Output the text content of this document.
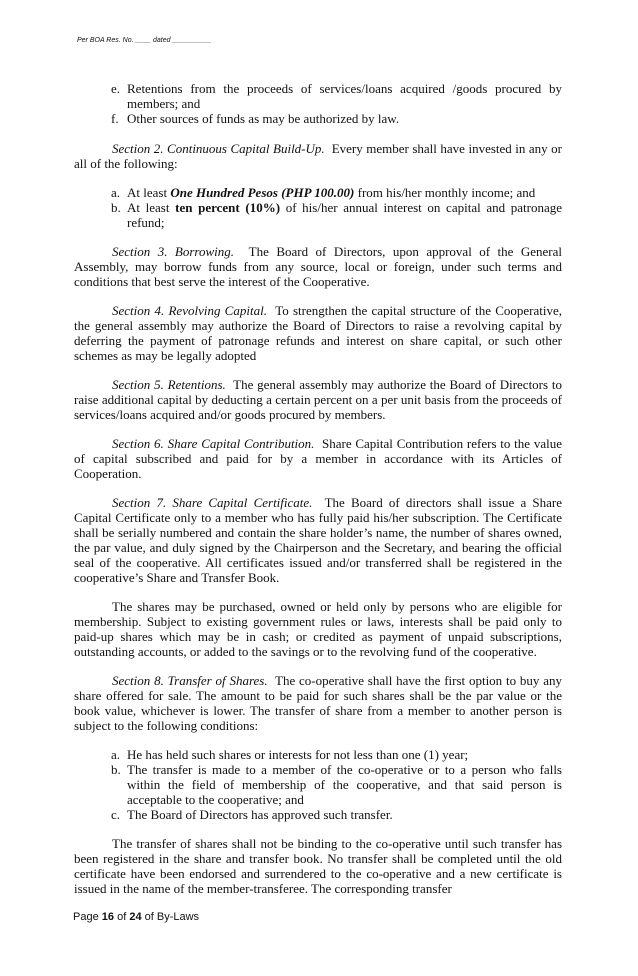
Per BOA Res. No. ____ dated __________
e. Retentions from the proceeds of services/loans acquired /goods procured by members; and
f. Other sources of funds as may be authorized by law.

Section 2. Continuous Capital Build-Up. Every member shall have invested in any or all of the following:

a. At least One Hundred Pesos (PHP 100.00) from his/her monthly income; and
b. At least ten percent (10%) of his/her annual interest on capital and patronage refund;

Section 3. Borrowing. The Board of Directors, upon approval of the General Assembly, may borrow funds from any source, local or foreign, under such terms and conditions that best serve the interest of the Cooperative.

Section 4. Revolving Capital. To strengthen the capital structure of the Cooperative, the general assembly may authorize the Board of Directors to raise a revolving capital by deferring the payment of patronage refunds and interest on share capital, or such other schemes as may be legally adopted

Section 5. Retentions. The general assembly may authorize the Board of Directors to raise additional capital by deducting a certain percent on a per unit basis from the proceeds of services/loans acquired and/or goods procured by members.

Section 6. Share Capital Contribution. Share Capital Contribution refers to the value of capital subscribed and paid for by a member in accordance with its Articles of Cooperation.

Section 7. Share Capital Certificate. The Board of directors shall issue a Share Capital Certificate only to a member who has fully paid his/her subscription. The Certificate shall be serially numbered and contain the share holder’s name, the number of shares owned, the par value, and duly signed by the Chairperson and the Secretary, and bearing the official seal of the cooperative. All certificates issued and/or transferred shall be registered in the cooperative’s Share and Transfer Book.

The shares may be purchased, owned or held only by persons who are eligible for membership. Subject to existing government rules or laws, interests shall be paid only to paid-up shares which may be in cash; or credited as payment of unpaid subscriptions, outstanding accounts, or added to the savings or to the revolving fund of the cooperative.

Section 8. Transfer of Shares. The co-operative shall have the first option to buy any share offered for sale. The amount to be paid for such shares shall be the par value or the book value, whichever is lower. The transfer of share from a member to another person is subject to the following conditions:

a. He has held such shares or interests for not less than one (1) year;
b. The transfer is made to a member of the co-operative or to a person who falls within the field of membership of the cooperative, and that said person is acceptable to the cooperative; and
c. The Board of Directors has approved such transfer.

The transfer of shares shall not be binding to the co-operative until such transfer has been registered in the share and transfer book. No transfer shall be completed until the old certificate have been endorsed and surrendered to the co-operative and a new certificate is issued in the name of the member-transferee. The corresponding transfer

Page 16 of 24 of By-Laws
